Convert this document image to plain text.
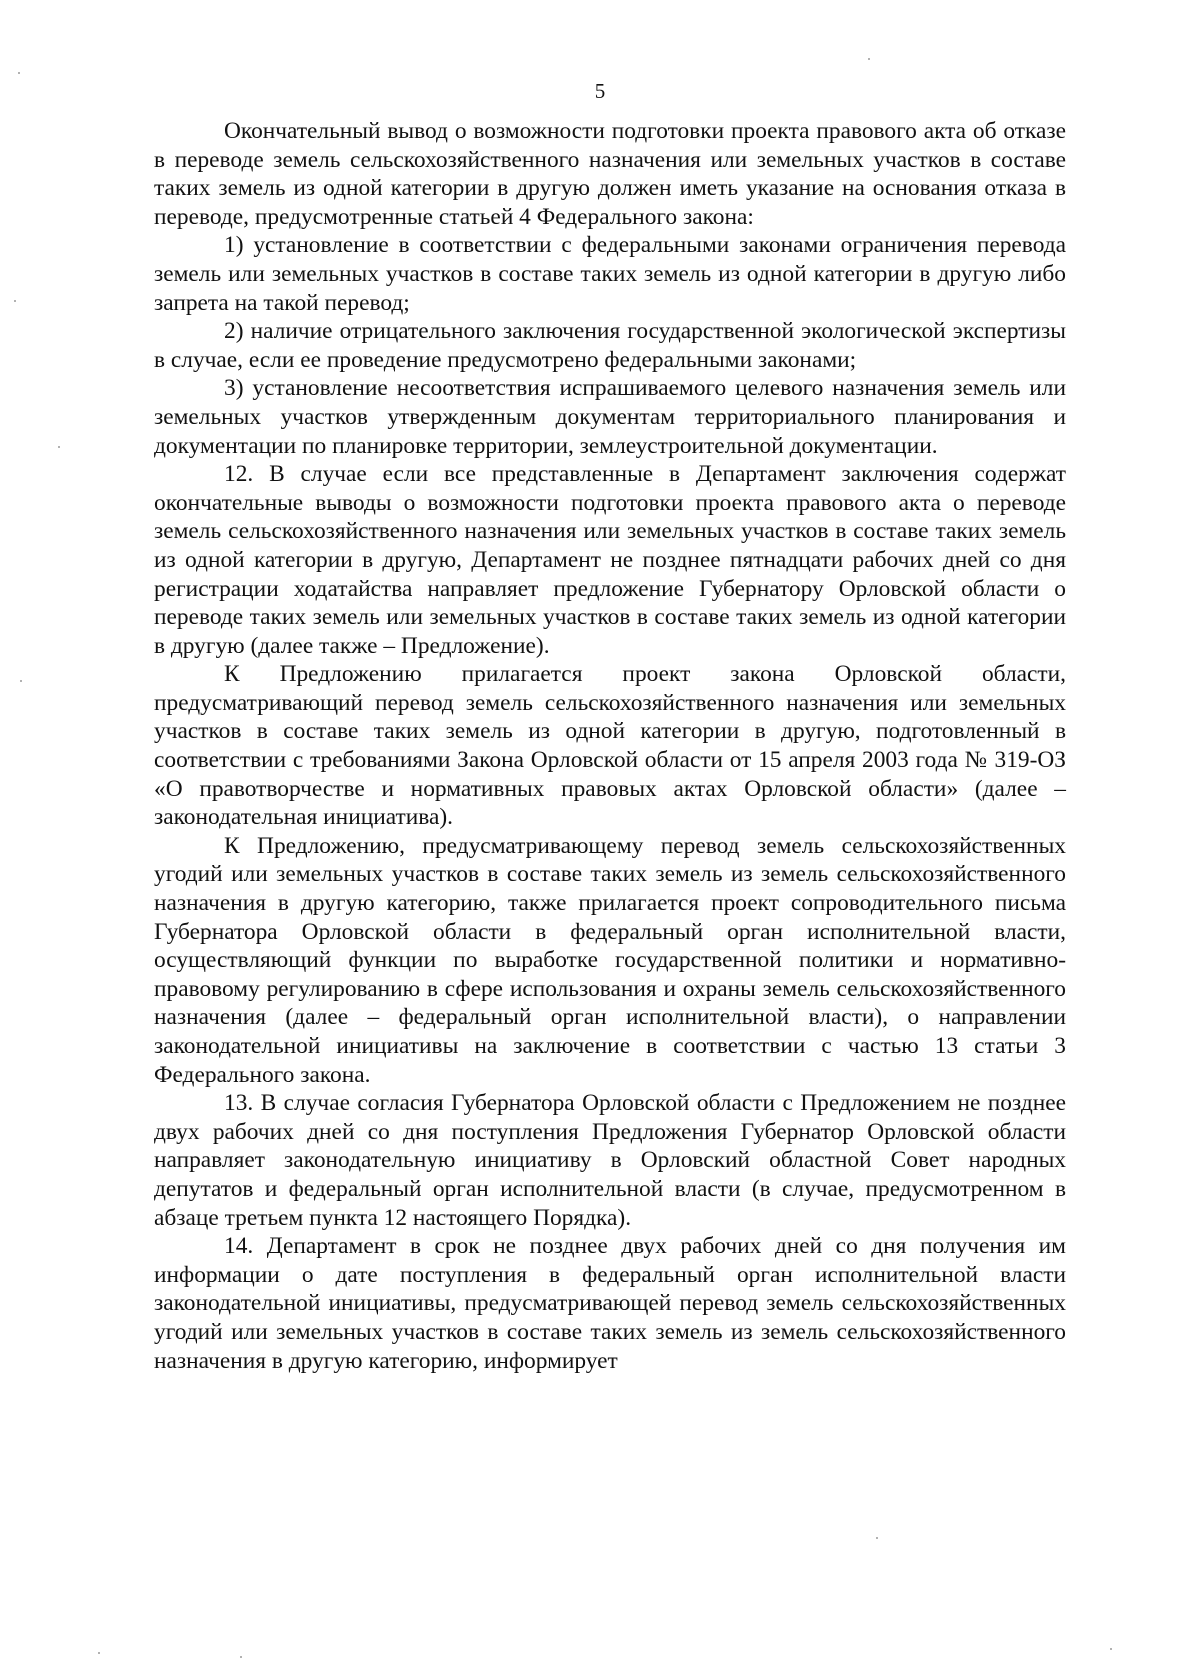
5

Окончательный вывод о возможности подготовки проекта правового акта об отказе в переводе земель сельскохозяйственного назначения или земельных участков в составе таких земель из одной категории в другую должен иметь указание на основания отказа в переводе, предусмотренные статьей 4 Федерального закона:

1) установление в соответствии с федеральными законами ограничения перевода земель или земельных участков в составе таких земель из одной категории в другую либо запрета на такой перевод;

2) наличие отрицательного заключения государственной экологической экспертизы в случае, если ее проведение предусмотрено федеральными законами;

3) установление несоответствия испрашиваемого целевого назначения земель или земельных участков утвержденным документам территориального планирования и документации по планировке территории, землеустроительной документации.

12. В случае если все представленные в Департамент заключения содержат окончательные выводы о возможности подготовки проекта правового акта о переводе земель сельскохозяйственного назначения или земельных участков в составе таких земель из одной категории в другую, Департамент не позднее пятнадцати рабочих дней со дня регистрации ходатайства направляет предложение Губернатору Орловской области о переводе таких земель или земельных участков в составе таких земель из одной категории в другую (далее также – Предложение).

К Предложению прилагается проект закона Орловской области, предусматривающий перевод земель сельскохозяйственного назначения или земельных участков в составе таких земель из одной категории в другую, подготовленный в соответствии с требованиями Закона Орловской области от 15 апреля 2003 года № 319-ОЗ «О правотворчестве и нормативных правовых актах Орловской области» (далее – законодательная инициатива).

К Предложению, предусматривающему перевод земель сельскохозяйственных угодий или земельных участков в составе таких земель из земель сельскохозяйственного назначения в другую категорию, также прилагается проект сопроводительного письма Губернатора Орловской области в федеральный орган исполнительной власти, осуществляющий функции по выработке государственной политики и нормативно-правовому регулированию в сфере использования и охраны земель сельскохозяйственного назначения (далее – федеральный орган исполнительной власти), о направлении законодательной инициативы на заключение в соответствии с частью 13 статьи 3 Федерального закона.

13. В случае согласия Губернатора Орловской области с Предложением не позднее двух рабочих дней со дня поступления Предложения Губернатор Орловской области направляет законодательную инициативу в Орловский областной Совет народных депутатов и федеральный орган исполнительной власти (в случае, предусмотренном в абзаце третьем пункта 12 настоящего Порядка).

14. Департамент в срок не позднее двух рабочих дней со дня получения им информации о дате поступления в федеральный орган исполнительной власти законодательной инициативы, предусматривающей перевод земель сельскохозяйственных угодий или земельных участков в составе таких земель из земель сельскохозяйственного назначения в другую категорию, информирует
